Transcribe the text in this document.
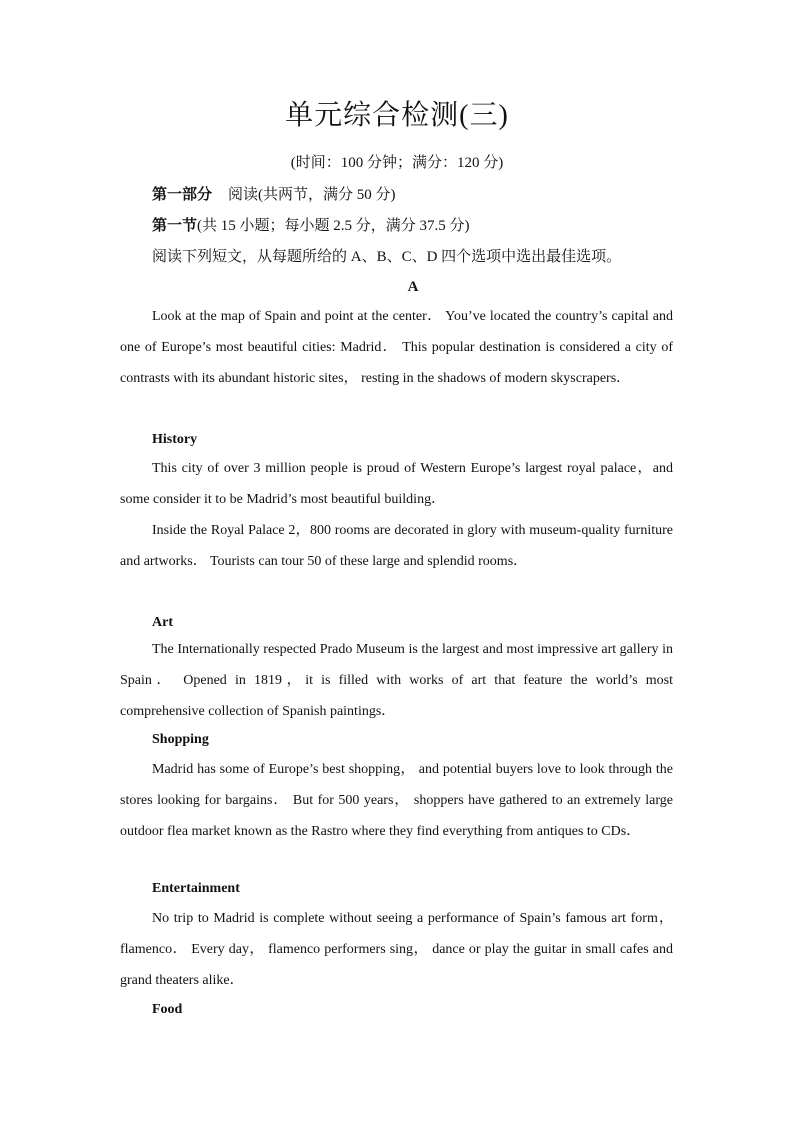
单元综合检测(三)
(时间：100 分钟；满分：120 分)
第一部分 阅读(共两节，满分 50 分)
第一节(共 15 小题；每小题 2.5 分，满分 37.5 分)
阅读下列短文，从每题所给的 A、B、C、D 四个选项中选出最佳选项。
A

Look at the map of Spain and point at the center． You’ve located the country’s capital and one of Europe’s most beautiful cities: Madrid． This popular destination is considered a city of contrasts with its abundant historic sites， resting in the shadows of modern skyscrapers．

History

This city of over 3 million people is proud of Western Europe’s largest royal palace，and some consider it to be Madrid’s most beautiful building．

Inside the Royal Palace 2，800 rooms are decorated in glory with museum-quality furniture and artworks． Tourists can tour 50 of these large and splendid rooms．

Art

The Internationally respected Prado Museum is the largest and most impressive art gallery in Spain． Opened in 1819，it is filled with works of art that feature the world’s most comprehensive collection of Spanish paintings．

Shopping

Madrid has some of Europe’s best shopping， and potential buyers love to look through the stores looking for bargains． But for 500 years， shoppers have gathered to an extremely large outdoor flea market known as the Rastro where they find everything from antiques to CDs．

Entertainment

No trip to Madrid is complete without seeing a performance of Spain’s famous art form， flamenco． Every day， flamenco performers sing， dance or play the guitar in small cafes and grand theaters alike．

Food
